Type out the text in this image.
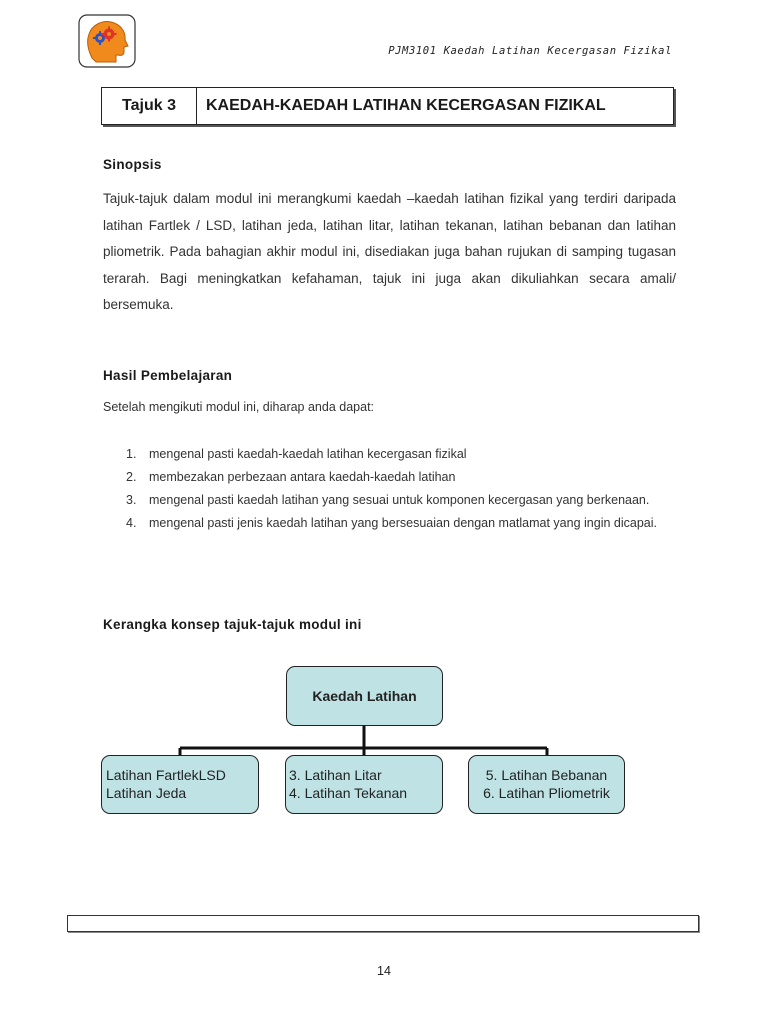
PJM3101 Kaedah Latihan Kecergasan Fizikal
Tajuk 3	KAEDAH-KAEDAH LATIHAN KECERGASAN FIZIKAL
Sinopsis

Tajuk-tajuk dalam modul ini merangkumi kaedah –kaedah latihan fizikal yang terdiri daripada latihan Fartlek / LSD, latihan jeda, latihan litar, latihan tekanan, latihan bebanan dan latihan pliometrik. Pada bahagian akhir modul ini, disediakan juga bahan rujukan di samping tugasan terarah. Bagi meningkatkan kefahaman, tajuk ini juga akan dikuliahkan secara amali/ bersemuka.

Hasil Pembelajaran
Setelah mengikuti modul ini, diharap anda dapat:
1. mengenal pasti kaedah-kaedah latihan kecergasan fizikal
2. membezakan perbezaan antara kaedah-kaedah latihan
3. mengenal pasti kaedah latihan yang sesuai untuk komponen kecergasan yang berkenaan.
4. mengenal pasti jenis kaedah latihan yang bersesuaian dengan matlamat yang ingin dicapai.
Kerangka konsep tajuk-tajuk modul ini
Kaedah Latihan
Latihan FartlekLSD
Latihan Jeda
3. Latihan Litar
4. Latihan Tekanan
5. Latihan Bebanan
6. Latihan Pliometrik
14
